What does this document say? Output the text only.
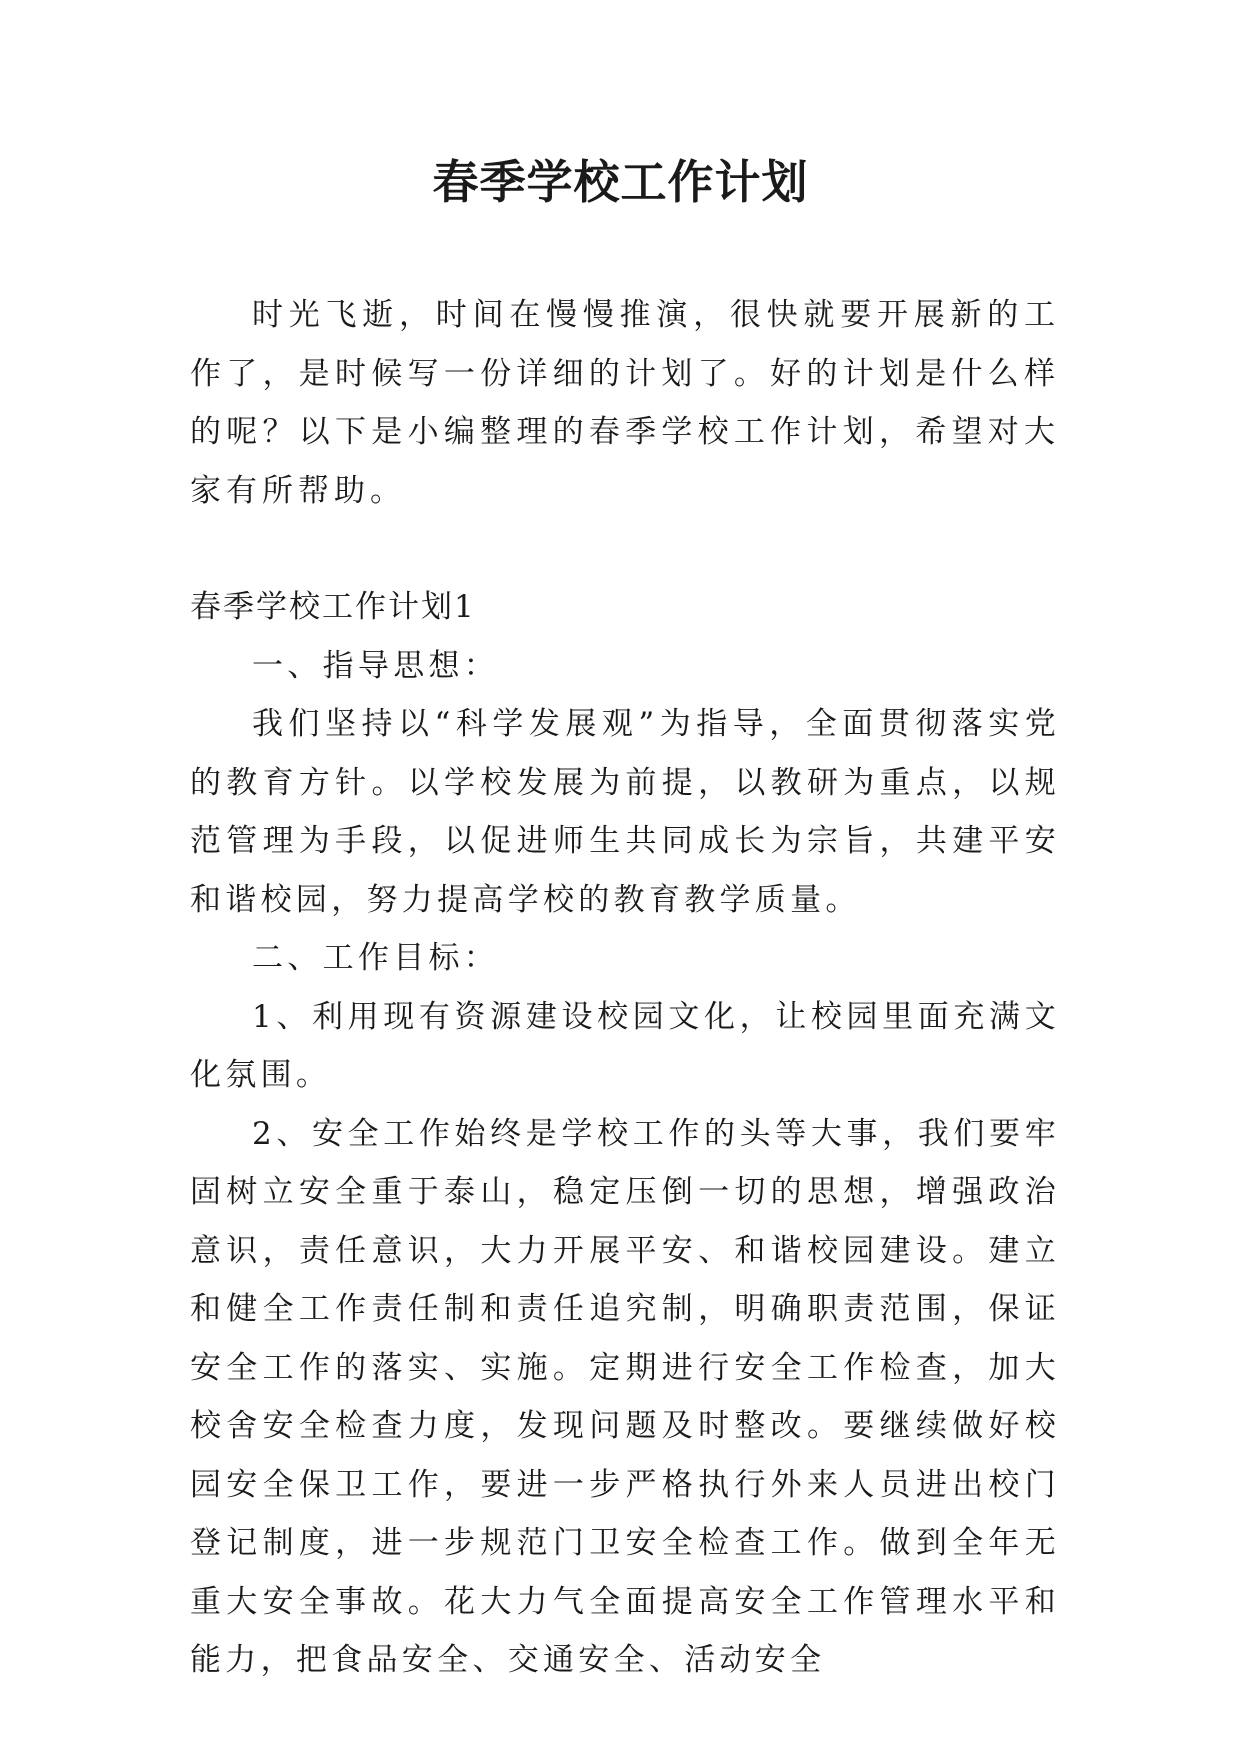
春季学校工作计划

时光飞逝，时间在慢慢推演，很快就要开展新的工作了，是时候写一份详细的计划了。好的计划是什么样的呢？以下是小编整理的春季学校工作计划，希望对大家有所帮助。

春季学校工作计划1

一、指导思想：

我们坚持以“科学发展观”为指导，全面贯彻落实党的教育方针。以学校发展为前提，以教研为重点，以规范管理为手段，以促进师生共同成长为宗旨，共建平安和谐校园，努力提高学校的教育教学质量。

二、工作目标：

1、利用现有资源建设校园文化，让校园里面充满文化氛围。

2、安全工作始终是学校工作的头等大事，我们要牢固树立安全重于泰山，稳定压倒一切的思想，增强政治意识，责任意识，大力开展平安、和谐校园建设。建立和健全工作责任制和责任追究制，明确职责范围，保证安全工作的落实、实施。定期进行安全工作检查，加大校舍安全检查力度，发现问题及时整改。要继续做好校园安全保卫工作，要进一步严格执行外来人员进出校门登记制度，进一步规范门卫安全检查工作。做到全年无重大安全事故。花大力气全面提高安全工作管理水平和能力，把食品安全、交通安全、活动安全
